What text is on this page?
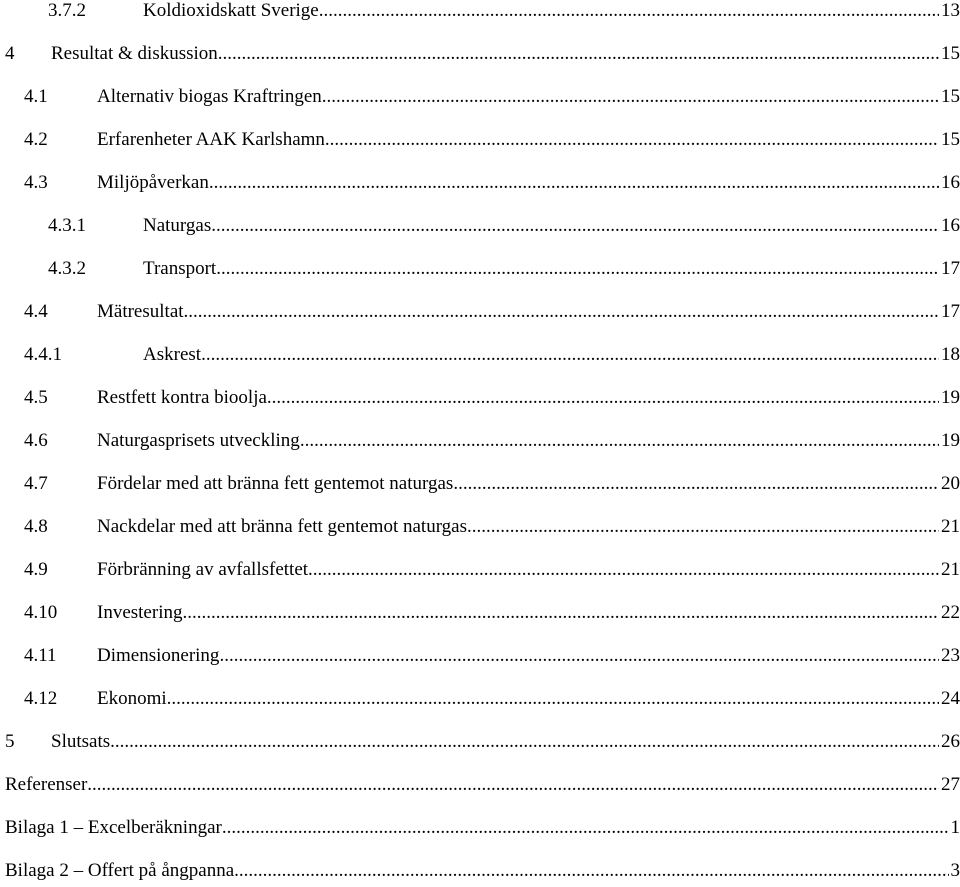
3.7.2	Koldioxidskatt Sverige .....	13
4	Resultat & diskussion .....	15
4.1	Alternativ biogas Kraftringen .....	15
4.2	Erfarenheter AAK Karlshamn .....	15
4.3	Miljöpåverkan .....	16
4.3.1	Naturgas .....	16
4.3.2	Transport .....	17
4.4	Mätresultat .....	17
4.4.1	Askrest .....	18
4.5	Restfett kontra bioolja .....	19
4.6	Naturgasprisets utveckling .....	19
4.7	Fördelar med att bränna fett gentemot naturgas .....	20
4.8	Nackdelar med att bränna fett gentemot naturgas .....	21
4.9	Förbränning av avfallsfettet .....	21
4.10	Investering .....	22
4.11	Dimensionering .....	23
4.12	Ekonomi .....	24
5	Slutsats .....	26
Referenser .....	27
Bilaga 1 – Excelberäkningar .....	1
Bilaga 2 – Offert på ångpanna .....	3
